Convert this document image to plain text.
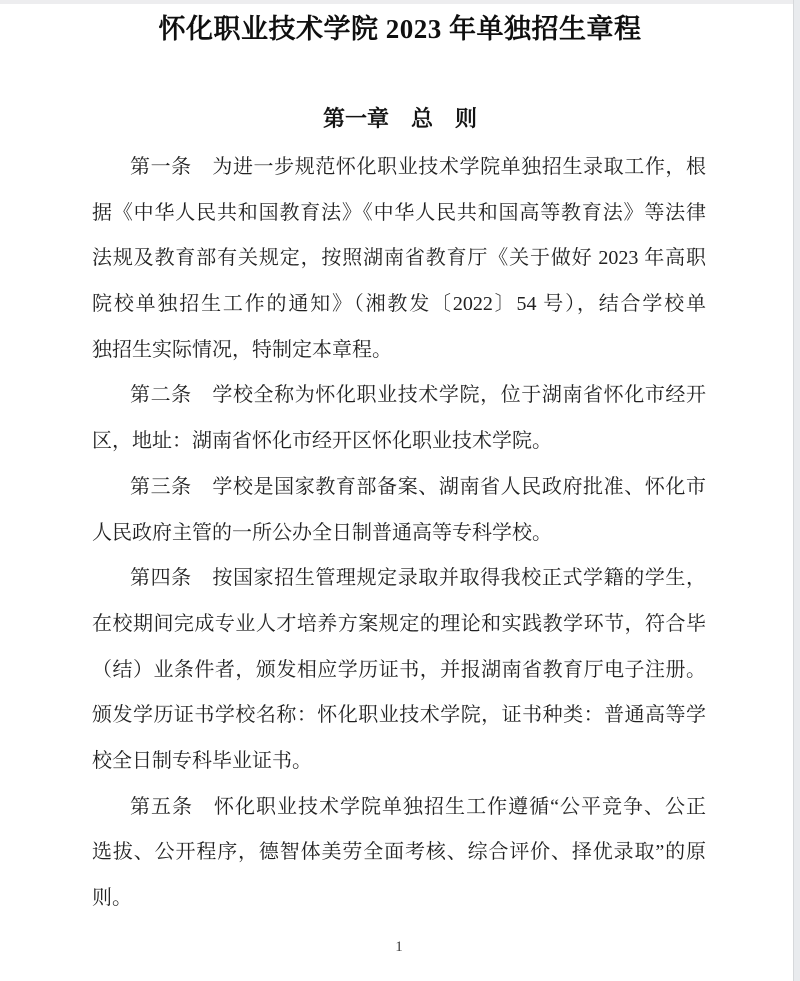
怀化职业技术学院 2023 年单独招生章程
第一章　总　则
第一条　为进一步规范怀化职业技术学院单独招生录取工作，根
据《中华人民共和国教育法》《中华人民共和国高等教育法》等法律
法规及教育部有关规定，按照湖南省教育厅《关于做好 2023 年高职
院校单独招生工作的通知》（湘教发〔2022〕54 号），结合学校单
独招生实际情况，特制定本章程。
第二条　学校全称为怀化职业技术学院，位于湖南省怀化市经开
区，地址：湖南省怀化市经开区怀化职业技术学院。
第三条　学校是国家教育部备案、湖南省人民政府批准、怀化市
人民政府主管的一所公办全日制普通高等专科学校。
第四条　按国家招生管理规定录取并取得我校正式学籍的学生，
在校期间完成专业人才培养方案规定的理论和实践教学环节，符合毕
（结）业条件者，颁发相应学历证书，并报湖南省教育厅电子注册。
颁发学历证书学校名称：怀化职业技术学院，证书种类：普通高等学
校全日制专科毕业证书。
第五条　怀化职业技术学院单独招生工作遵循“公平竞争、公正
选拔、公开程序，德智体美劳全面考核、综合评价、择优录取”的原
则。
1
